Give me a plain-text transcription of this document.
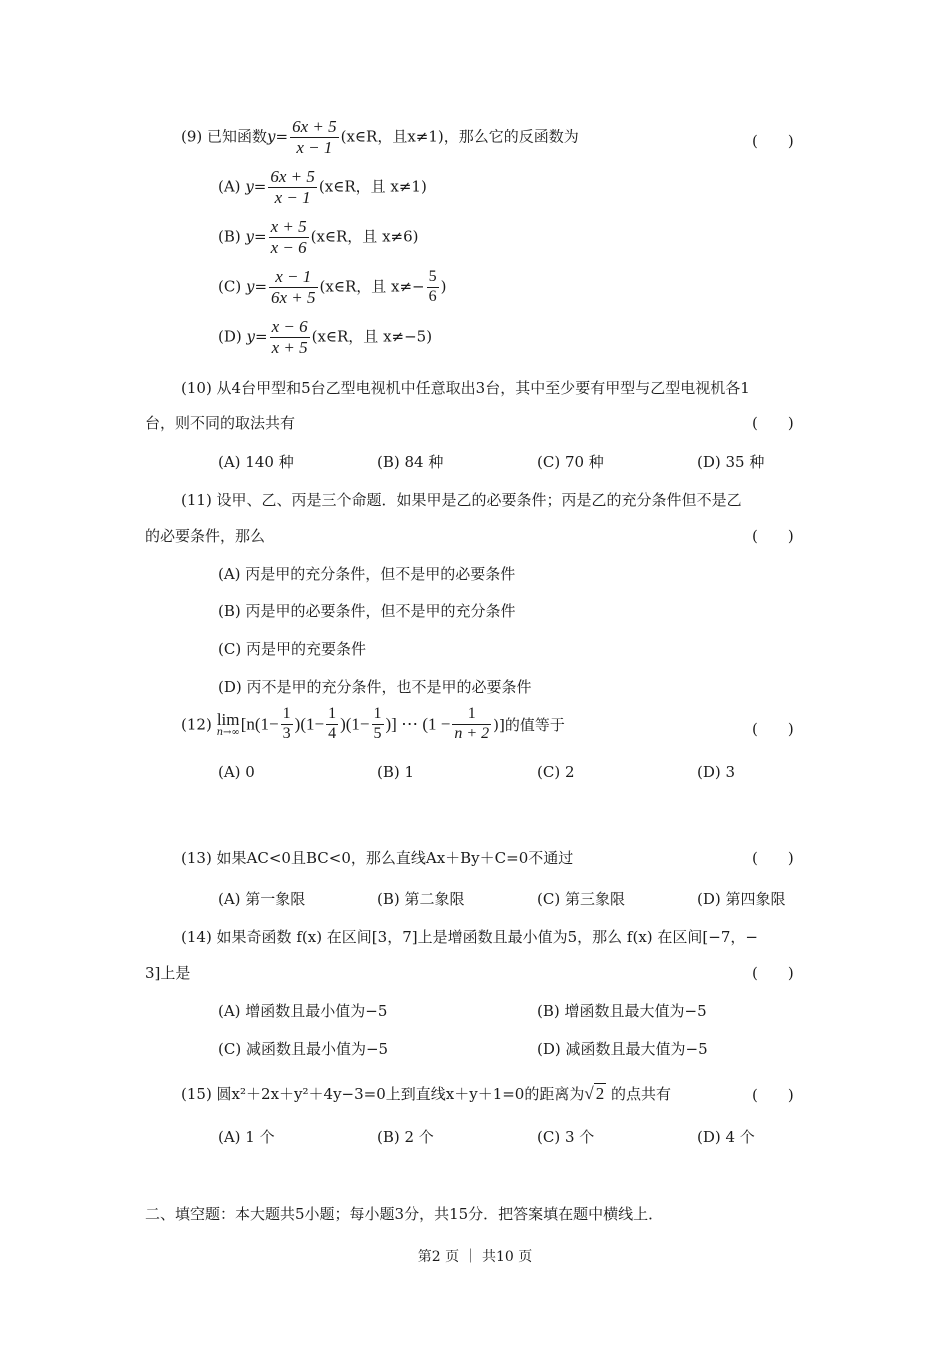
(9) 已知函数$y= \frac{6x + 5}{x - 1}$ (x∈R，且x≠1)，那么它的反函数为	(　　)
(A) $y= \frac{6x + 5}{x - 1}$ (x∈R，且 x≠1)
(B) $y= \frac{x + 5}{x - 6}$ (x∈R，且 x≠6)
(C) $y= \frac{x - 1}{6x + 5}$ (x∈R，且 $x\ne- \frac{5}{6}$ )
(D) $y= \frac{x - 6}{x + 5}$ (x∈R，且 x≠−5)
(10) 从4台甲型和5台乙型电视机中任意取出3台，其中至少要有甲型与乙型电视机各1
台，则不同的取法共有	(　　)
(A) 140 种	(B) 84 种	(C) 70 种	(D) 35 种
(11) 设甲、乙、丙是三个命题．如果甲是乙的必要条件；丙是乙的充分条件但不是乙
的必要条件，那么	(　　)
(A) 丙是甲的充分条件，但不是甲的必要条件
(B) 丙是甲的必要条件，但不是甲的充分条件
(C) 丙是甲的充要条件
(D) 丙不是甲的充分条件，也不是甲的必要条件
(12) lim
n→∞ [$n(1- \frac{1}{3} )(1- \frac{1}{4} )(1- \frac{1}{5}$ )] ⋯ ($1 - \frac{1}{n + 2}$ )]的值等于	(　　)
(A) 0	(B) 1	(C) 2	(D) 3
(13) 如果AC<0且BC<0，那么直线Ax＋By＋C=0不通过	(　　)
(A) 第一象限	(B) 第二象限	(C) 第三象限	(D) 第四象限
(14) 如果奇函数 f(x) 在区间[3，7]上是增函数且最小值为5，那么 f(x) 在区间[−7，−
3]上是	(　　)
(A) 增函数且最小值为−5	(B) 增函数且最大值为−5
(C) 减函数且最小值为−5	(D) 减函数且最大值为−5
(15) 圆x²＋2x＋y²＋4y−3=0上到直线x＋y＋1=0的距离为√ 2 的点共有	(　　)
(A) 1 个	(B) 2 个	(C) 3 个	(D) 4 个
二、填空题：本大题共5小题；每小题3分，共15分．把答案填在题中横线上．
第2 页 ｜ 共10 页
